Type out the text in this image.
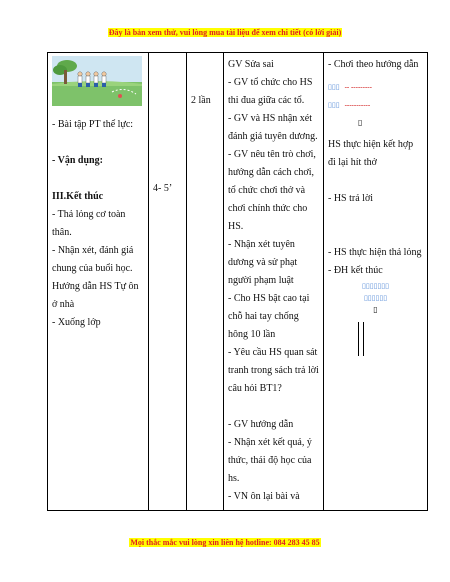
Đây là bản xem thử, vui lòng mua tài liệu để xem chi tiết (có lời giải)
- Bài tập PT thể lực:
- Vận dụng:
III.Kết thúc
- Thả lỏng cơ toàn thân.
- Nhận xét, đánh giá chung của buổi học.
Hướng dẫn HS Tự ôn ở nhà
- Xuống lớp

4- 5’

2 lần

GV Sửa sai
- GV tổ chức cho HS thi đua giữa các tổ.
- GV và HS nhận xét đánh giá tuyên dương.
- GV nêu tên trò chơi, hướng dẫn cách chơi, tổ chức chơi thở và chơi chính thức cho HS.
- Nhận xét tuyên dương và sử phạt người phạm luật
- Cho HS bật cao tại chỗ hai tay chống hông 10 lần
- Yêu cầu HS quan sát tranh trong sách trả lời câu hỏi BT1?
- GV hướng dẫn
- Nhận xét kết quả, ý thức, thái độ học của hs.
- VN ôn lại bài và

- Chơi theo hướng dẫn
▯▯▯ -- ---------
▯▯▯ -----------
▯
HS thực hiện kết hợp đi lại hít thở
- HS trả lời
- HS thực hiện thả lỏng
- ĐH kết thúc
▯▯▯▯▯▯▯
▯▯▯▯▯▯
▯
Mọi thắc mắc vui lòng xin liên hệ hotline: 084 283 45 85
